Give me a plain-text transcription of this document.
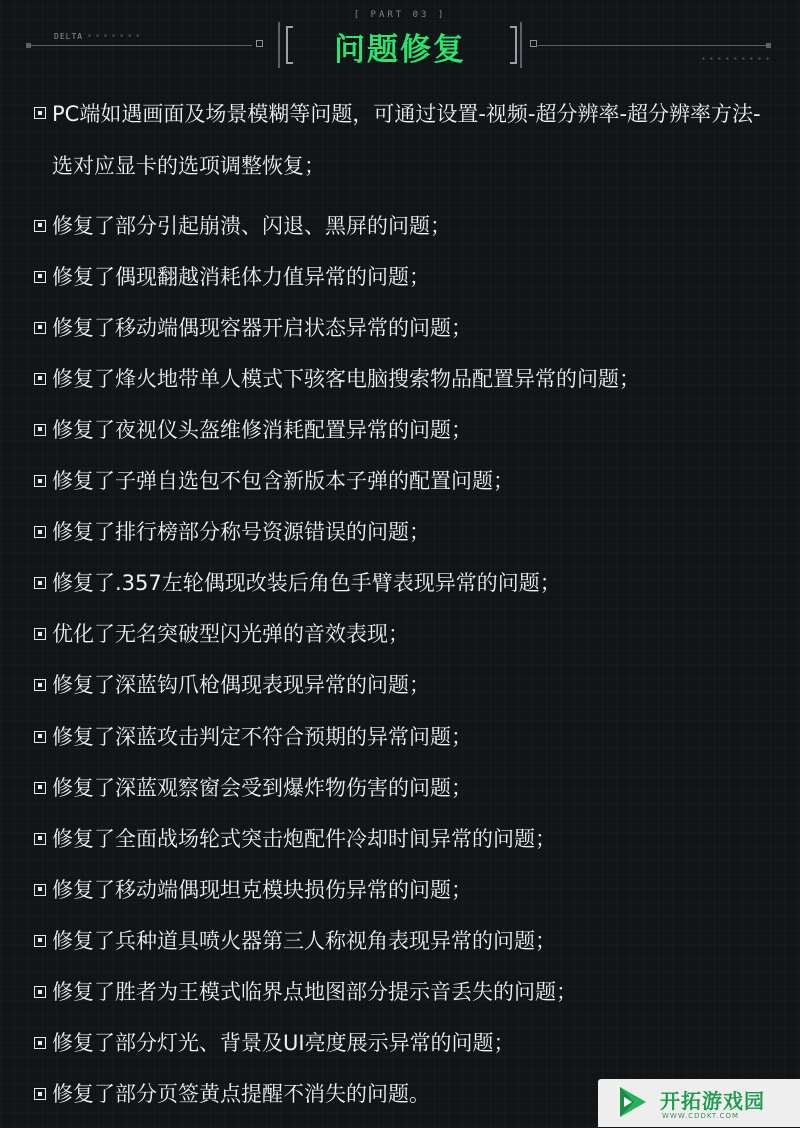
[ PART 03 ]
DELTA ▪ ▪ ▪ ▪ ▪ ▪ ▪	问题修复	▪ ▪ ▪ ▪ ▪ ▪ ▪ ▪ ▪
PC端如遇画面及场景模糊等问题，可通过设置-视频-超分辨率-超分辨率方法-选对应显卡的选项调整恢复；
修复了部分引起崩溃、闪退、黑屏的问题；
修复了偶现翻越消耗体力值异常的问题；
修复了移动端偶现容器开启状态异常的问题；
修复了烽火地带单人模式下骇客电脑搜索物品配置异常的问题；
修复了夜视仪头盔维修消耗配置异常的问题；
修复了子弹自选包不包含新版本子弹的配置问题；
修复了排行榜部分称号资源错误的问题；
修复了.357左轮偶现改装后角色手臂表现异常的问题；
优化了无名突破型闪光弹的音效表现；
修复了深蓝钩爪枪偶现表现异常的问题；
修复了深蓝攻击判定不符合预期的异常问题；
修复了深蓝观察窗会受到爆炸物伤害的问题；
修复了全面战场轮式突击炮配件冷却时间异常的问题；
修复了移动端偶现坦克模块损伤异常的问题；
修复了兵种道具喷火器第三人称视角表现异常的问题；
修复了胜者为王模式临界点地图部分提示音丢失的问题；
修复了部分灯光、背景及UI亮度展示异常的问题；
修复了部分页签黄点提醒不消失的问题。	开拓游戏园
WWW.CDDKT.COM
